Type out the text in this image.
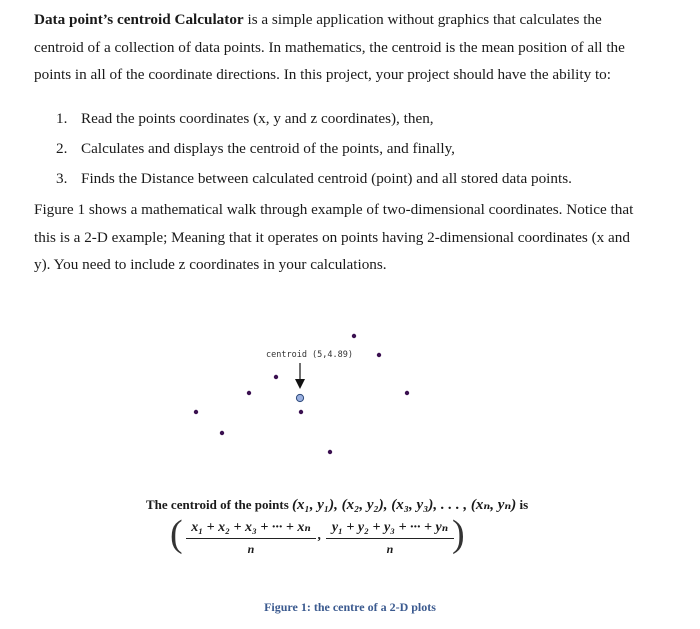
Data point’s centroid Calculator is a simple application without graphics that calculates the centroid of a collection of data points. In mathematics, the centroid is the mean position of all the points in all of the coordinate directions. In this project, your project should have the ability to:

1. Read the points coordinates (x, y and z coordinates), then,
2. Calculates and displays the centroid of the points, and finally,
3. Finds the Distance between calculated centroid (point) and all stored data points.

Figure 1 shows a mathematical walk through example of two-dimensional coordinates. Notice that this is a 2-D example; Meaning that it operates on points having 2-dimensional coordinates (x and y). You need to include z coordinates in your calculations.

centroid (5,4.89)
The centroid of the points (x₁, y₁), (x₂, y₂), (x₃, y₃), . . . , (xₙ, yₙ) is
( $\frac{\text{x₁ + x₂ + x₃ + ··· + xₙ}}{n}$ , $\frac{\text{y₁ + y₂ + y₃ + ··· + yₙ}}{n}$
)
Figure 1: the centre of a 2-D plots
